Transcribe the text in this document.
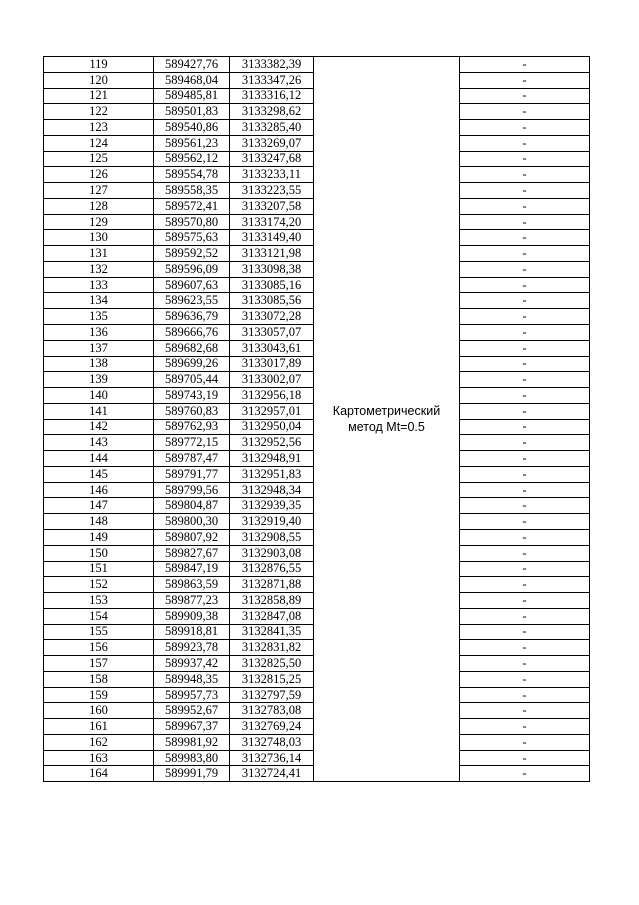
119	589427,76	3133382,39	Картометрический метод Mt=0.5	-
120	589468,04	3133347,26		-
121	589485,81	3133316,12		-
122	589501,83	3133298,62		-
123	589540,86	3133285,40		-
124	589561,23	3133269,07		-
125	589562,12	3133247,68		-
126	589554,78	3133233,11		-
127	589558,35	3133223,55		-
128	589572,41	3133207,58		-
129	589570,80	3133174,20		-
130	589575,63	3133149,40		-
131	589592,52	3133121,98		-
132	589596,09	3133098,38		-
133	589607,63	3133085,16		-
134	589623,55	3133085,56		-
135	589636,79	3133072,28		-
136	589666,76	3133057,07		-
137	589682,68	3133043,61		-
138	589699,26	3133017,89		-
139	589705,44	3133002,07		-
140	589743,19	3132956,18		-
141	589760,83	3132957,01		-
142	589762,93	3132950,04		-
143	589772,15	3132952,56		-
144	589787,47	3132948,91		-
145	589791,77	3132951,83		-
146	589799,56	3132948,34		-
147	589804,87	3132939,35		-
148	589800,30	3132919,40		-
149	589807,92	3132908,55		-
150	589827,67	3132903,08		-
151	589847,19	3132876,55		-
152	589863,59	3132871,88		-
153	589877,23	3132858,89		-
154	589909,38	3132847,08		-
155	589918,81	3132841,35		-
156	589923,78	3132831,82		-
157	589937,42	3132825,50		-
158	589948,35	3132815,25		-
159	589957,73	3132797,59		-
160	589952,67	3132783,08		-
161	589967,37	3132769,24		-
162	589981,92	3132748,03		-
163	589983,80	3132736,14		-
164	589991,79	3132724,41		-
